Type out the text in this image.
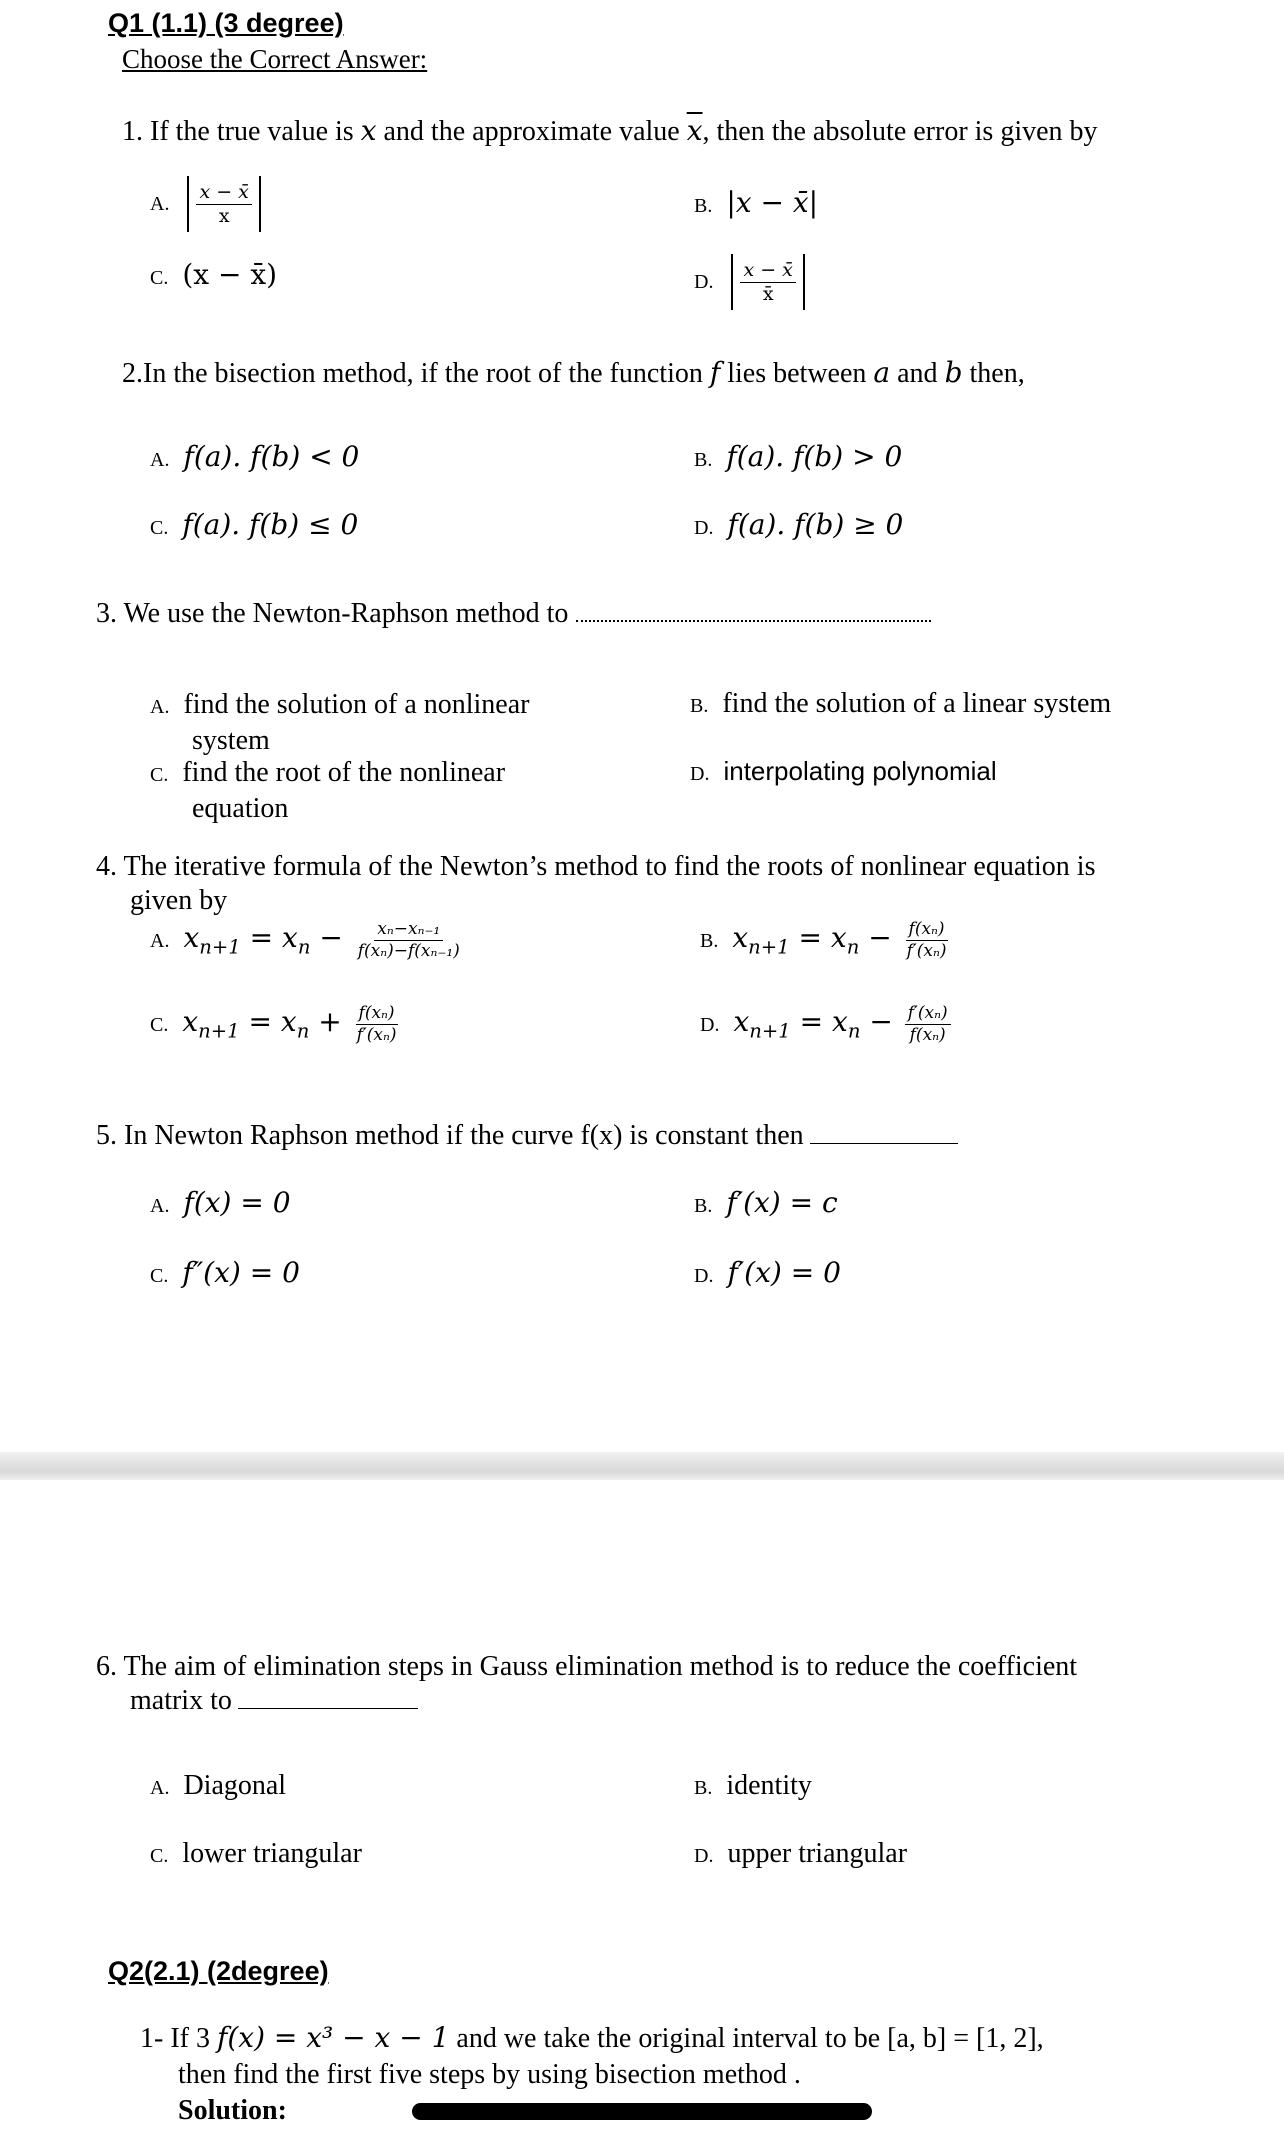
Q1 (1.1) (3 degree)
Choose the Correct Answer:
1. If the true value is x and the approximate value $\overline{x}$, then the absolute error is given by
A. $\frac{x - x̄}{x}$	B. |x − x̄|
C. (x − x̄)	D. $\frac{x - x̄}{x̄}$
2.In the bisection method, if the root of the function f lies between a and b then,
A. f(a). f(b) < 0	B. f(a). f(b) > 0
C. f(a). f(b) ≤ 0	D. f(a). f(b) ≥ 0
3. We use the Newton-Raphson method to
A. find the solution of a nonlinear
system
B. find the solution of a linear system
C. find the root of the nonlinear
equation
D. interpolating polynomial
4. The iterative formula of the Newton’s method to find the roots of nonlinear equation is
given by
A. $x_{n+1} = x_n - \frac{\text{xₙ−xₙ₋₁}}{\text{f(xₙ)−f(xₙ₋₁)}}$	B. $x_{n+1} = x_n - \frac{\text{f(xₙ)}}{\text{f′(xₙ)}}$
C. $x_{n+1} = x_n + \frac{\text{f(xₙ)}}{\text{f′(xₙ)}}$	D. $x_{n+1} = x_n - \frac{\text{f′(xₙ)}}{\text{f(xₙ)}}$
5. In Newton Raphson method if the curve f(x) is constant then
A. f(x) = 0	B. f′(x) = c
C. f″(x) = 0	D. f′(x) = 0
6. The aim of elimination steps in Gauss elimination method is to reduce the coefficient
matrix to
A. Diagonal	B. identity
C. lower triangular	D. upper triangular
Q2(2.1) (2degree)
1- If 3 f(x) = x³ − x − 1 and we take the original interval to be [a, b] = [1, 2],
then find the first five steps by using bisection method .
Solution:
